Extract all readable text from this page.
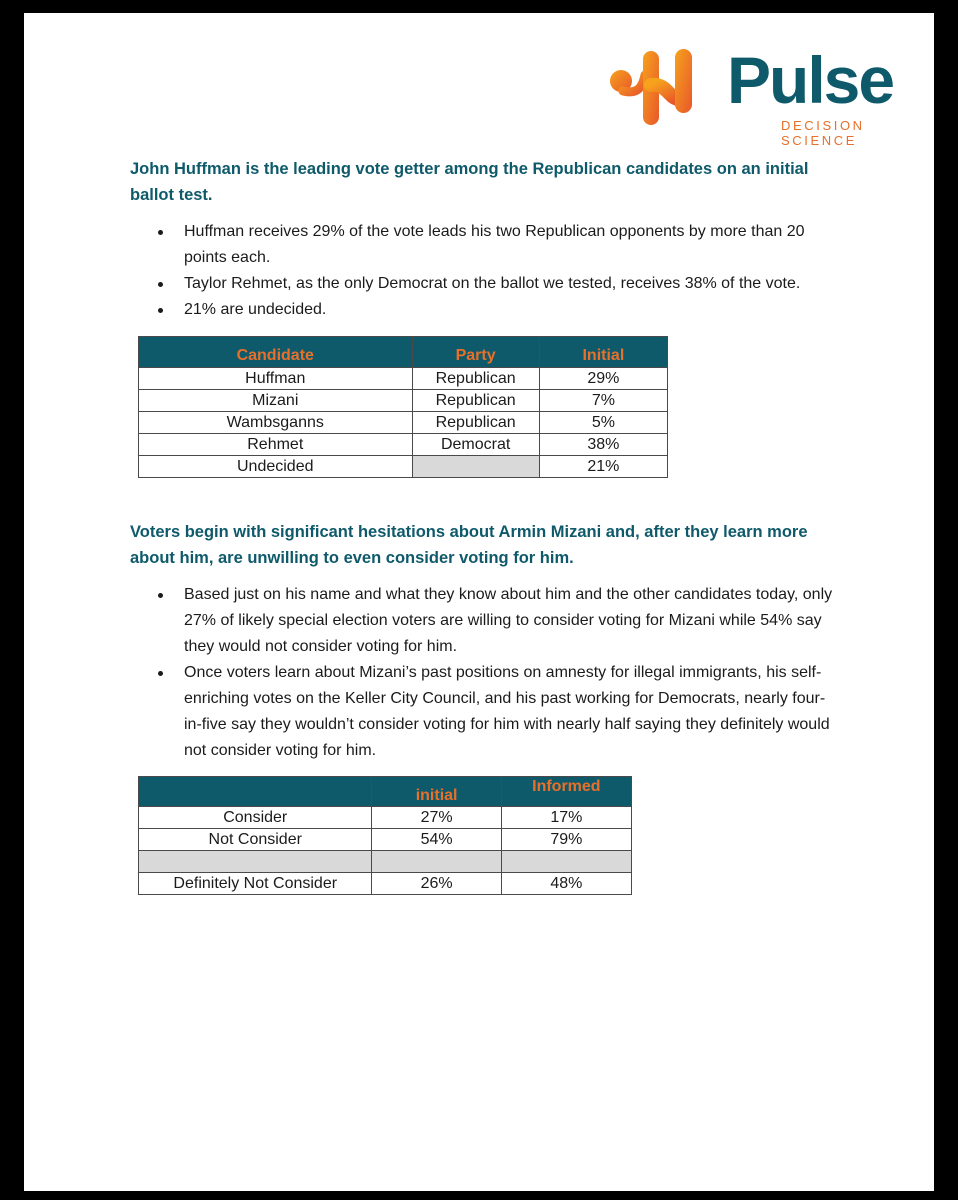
Pulse
DECISION SCIENCE
John Huffman is the leading vote getter among the Republican candidates on an initial ballot test.
Huffman receives 29% of the vote leads his two Republican opponents by more than 20 points each.
Taylor Rehmet, as the only Democrat on the ballot we tested, receives 38% of the vote.
21% are undecided.
Candidate	Party	Initial
Huffman	Republican	29%
Mizani	Republican	7%
Wambsganns	Republican	5%
Rehmet	Democrat	38%
Undecided		21%
Voters begin with significant hesitations about Armin Mizani and, after they learn more about him, are unwilling to even consider voting for him.
Based just on his name and what they know about him and the other candidates today, only 27% of likely special election voters are willing to consider voting for Mizani while 54% say they would not consider voting for him.
Once voters learn about Mizani’s past positions on amnesty for illegal immigrants, his self-enriching votes on the Keller City Council, and his past working for Democrats, nearly four-in-five say they wouldn’t consider voting for him with nearly half saying they definitely would not consider voting for him.
	initial	Informed
Consider	27%	17%
Not Consider	54%	79%

Definitely Not Consider	26%	48%
